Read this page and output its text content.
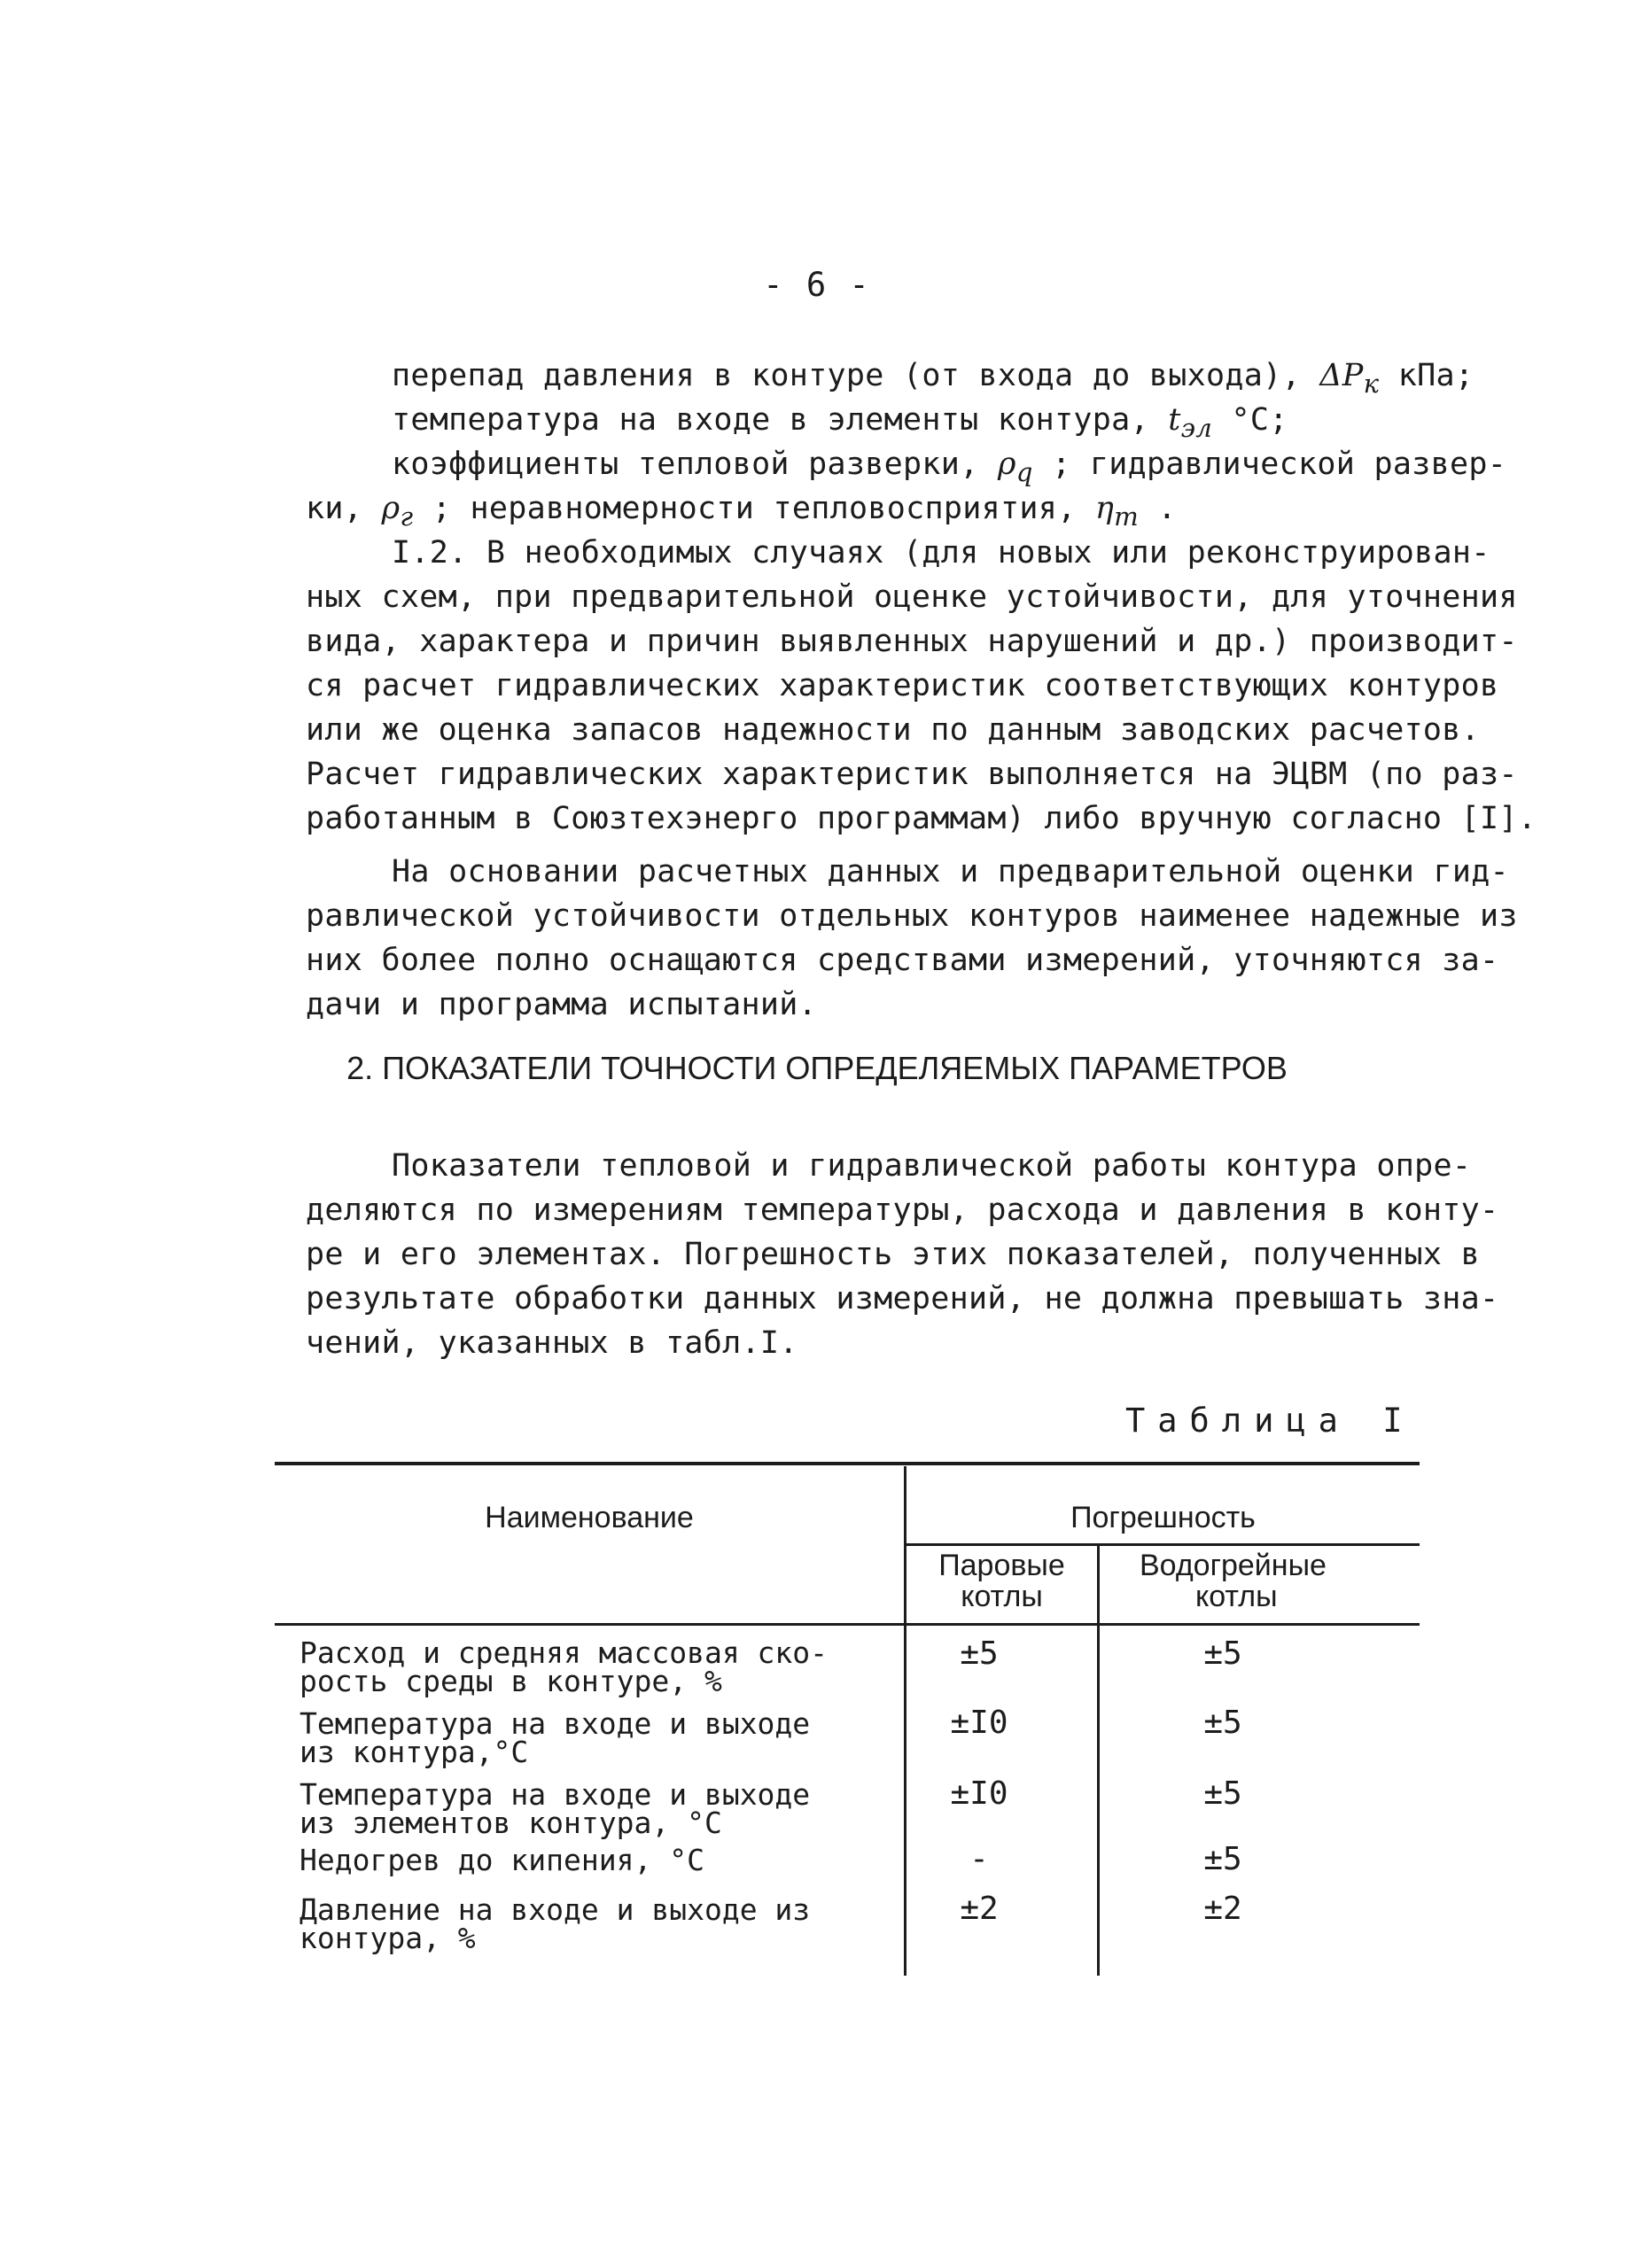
- 6 -
перепад давления в контуре (от входа до выхода), $\Delta P_к$ кПа;
температура на входе в элементы контура, $t_{эл}$ °С;
коэффициенты тепловой разверки, $\rho_q$ ; гидравлической развер-
ки, $\rho_г$ ; неравномерности тепловосприятия, $\eta_т$ .
I.2. В необходимых случаях (для новых или реконструирован-
ных схем, при предварительной оценке устойчивости, для уточнения
вида, характера и причин выявленных нарушений и др.) производит-
ся расчет гидравлических характеристик соответствующих контуров
или же оценка запасов надежности по данным заводских расчетов.
Расчет гидравлических характеристик выполняется на ЭЦВМ (по раз-
работанным в Союзтехэнерго программам) либо вручную согласно [I].
На основании расчетных данных и предварительной оценки гид-
равлической устойчивости отдельных контуров наименее надежные из
них более полно оснащаются средствами измерений, уточняются за-
дачи и программа испытаний.
2. ПОКАЗАТЕЛИ ТОЧНОСТИ ОПРЕДЕЛЯЕМЫХ ПАРАМЕТРОВ
Показатели тепловой и гидравлической работы контура опре-
деляются по измерениям температуры, расхода и давления в конту-
ре и его элементах. Погрешность этих показателей, полученных в
результате обработки данных измерений, не должна превышать зна-
чений, указанных в табл.I.
Таблица I
Наименование	Погрешность
Паровые
котлы
Водогрейные
котлы
Расход и средняя массовая ско-
рость среды в контуре, %
±5	±5
Температура на входе и выходе
из контура,°С
±I0	±5
Температура на входе и выходе
из элементов контура, °С
±I0	±5
Недогрев до кипения, °С	-	±5
Давление на входе и выходе из
контура, %
±2	±2
